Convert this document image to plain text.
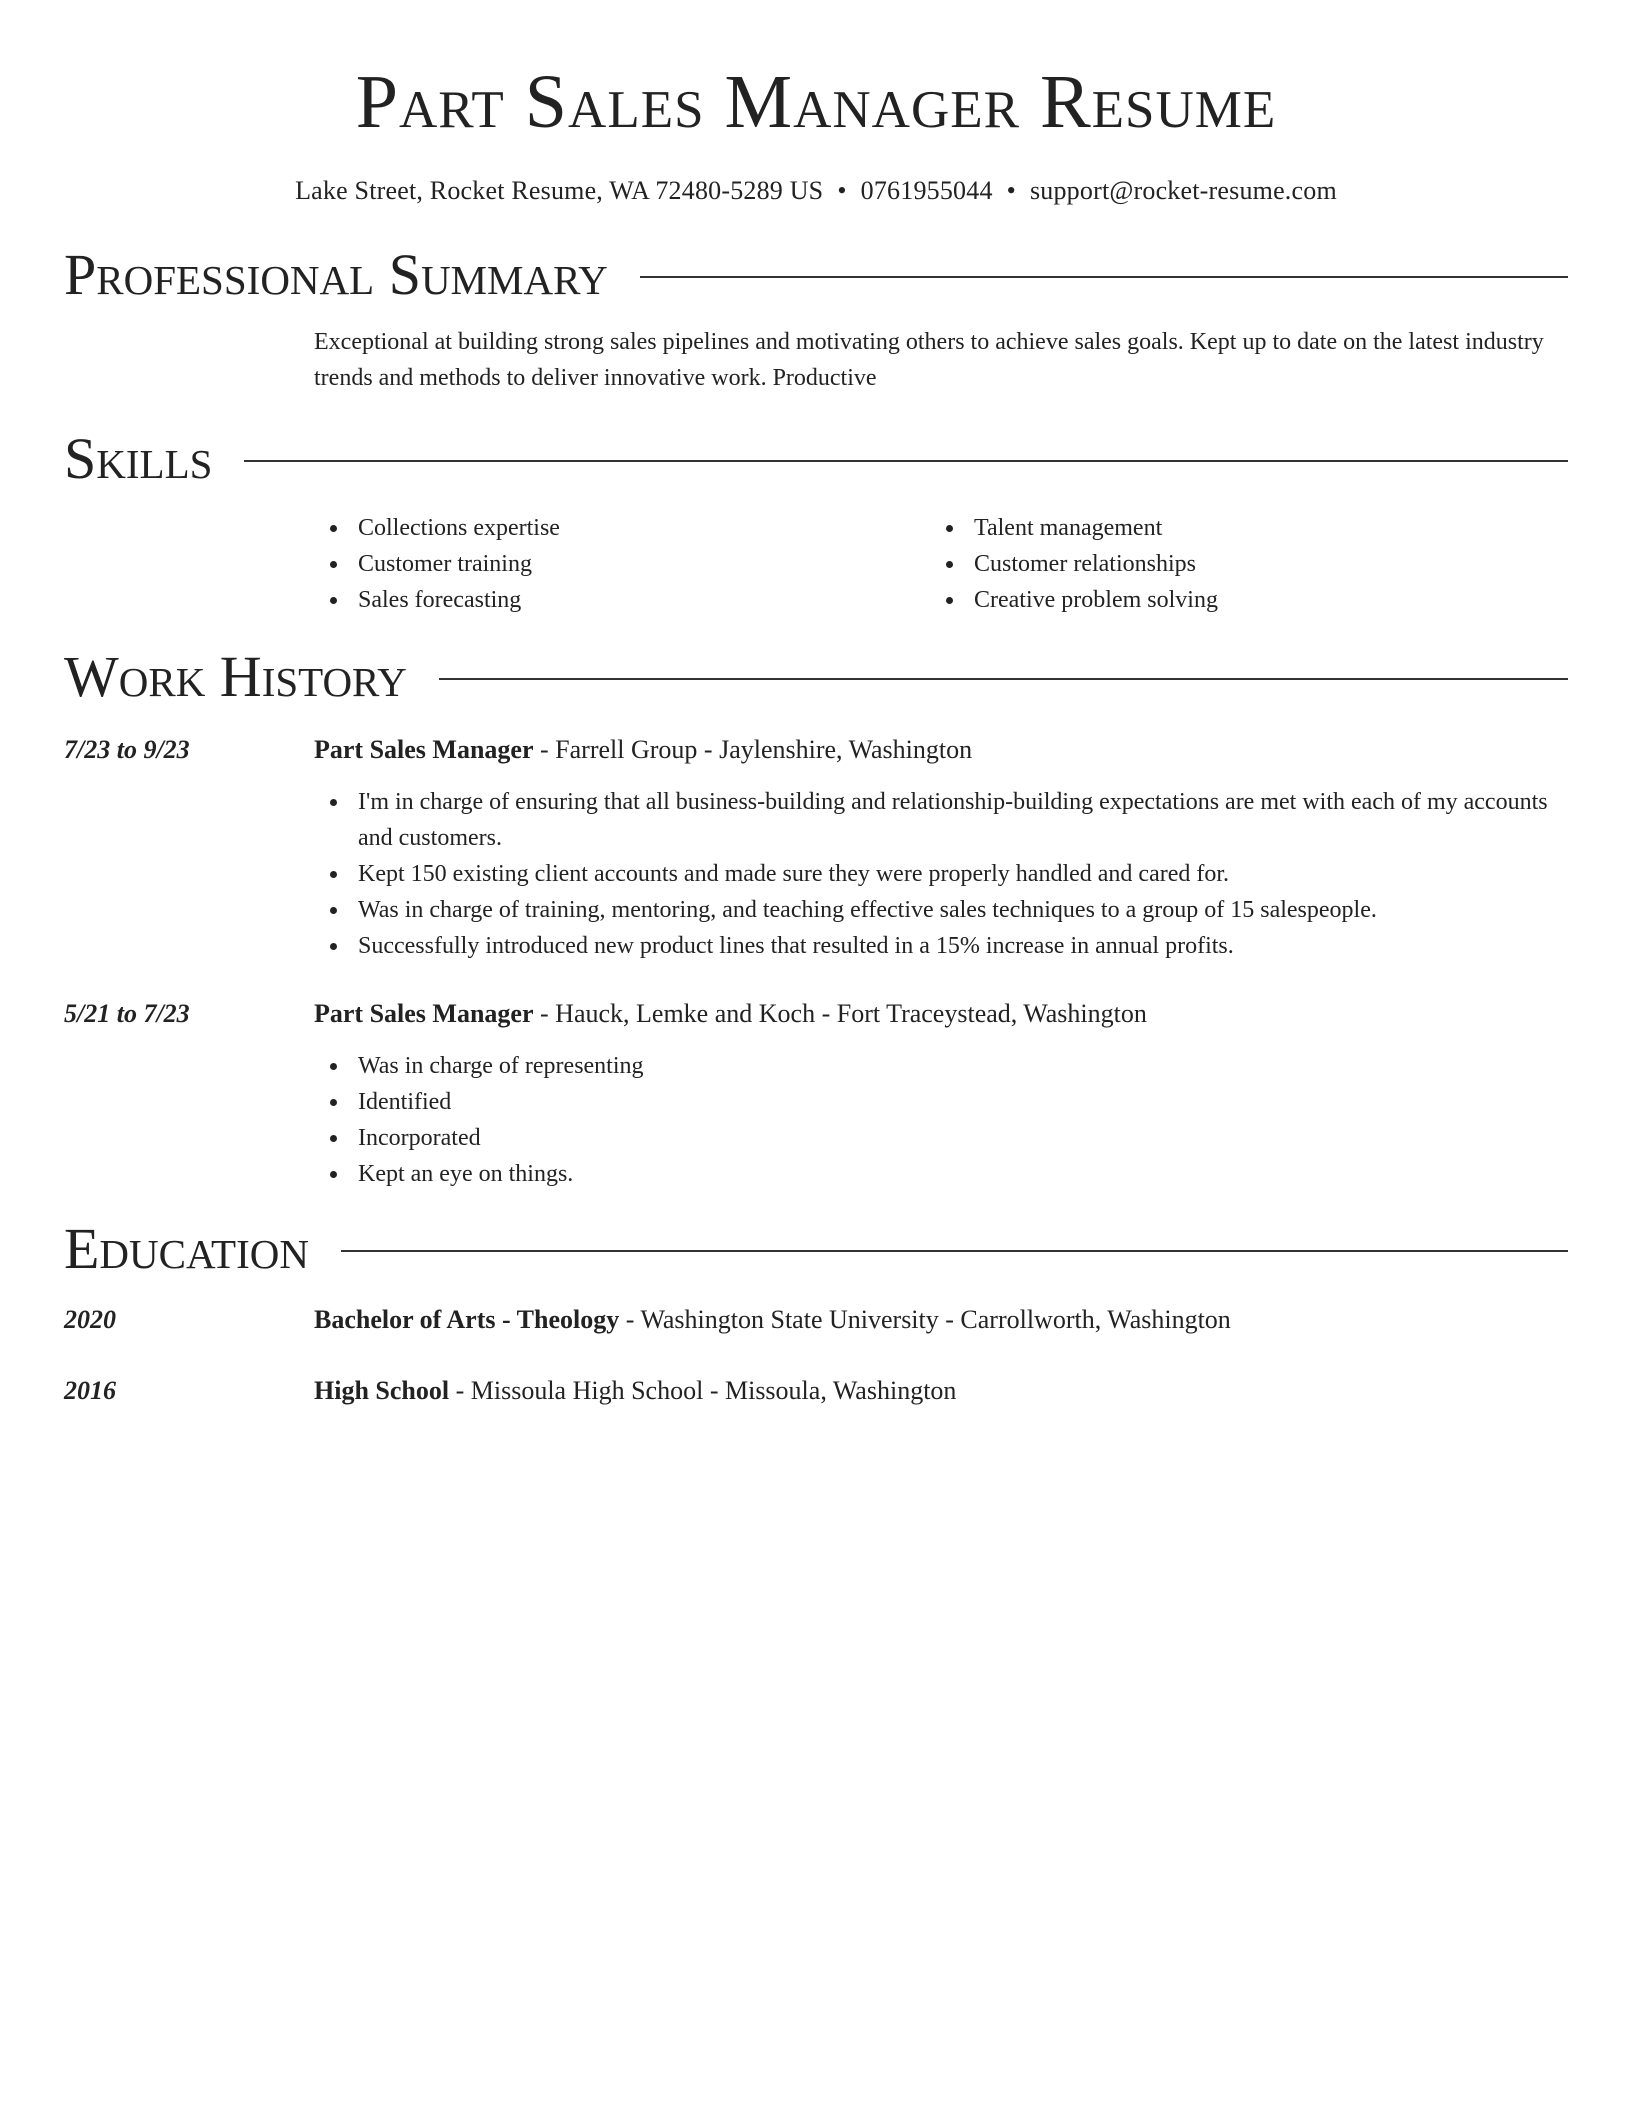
Part Sales Manager Resume
Lake Street, Rocket Resume, WA 72480-5289 US • 0761955044 • support@rocket-resume.com
Professional Summary

Exceptional at building strong sales pipelines and motivating others to achieve sales goals. Kept up to date on the latest industry trends and methods to deliver innovative work. Productive

Skills
Collections expertise
Customer training
Sales forecasting
Talent management
Customer relationships
Creative problem solving
Work History
7/23 to 9/23	Part Sales Manager - Farrell Group - Jaylenshire, Washington
I'm in charge of ensuring that all business-building and relationship-building expectations are met with each of my accounts and customers.
Kept 150 existing client accounts and made sure they were properly handled and cared for.
Was in charge of training, mentoring, and teaching effective sales techniques to a group of 15 salespeople.
Successfully introduced new product lines that resulted in a 15% increase in annual profits.
5/21 to 7/23	Part Sales Manager - Hauck, Lemke and Koch - Fort Traceystead, Washington
Was in charge of representing
Identified
Incorporated
Kept an eye on things.
Education
2020	Bachelor of Arts - Theology - Washington State University - Carrollworth, Washington
2016	High School - Missoula High School - Missoula, Washington
